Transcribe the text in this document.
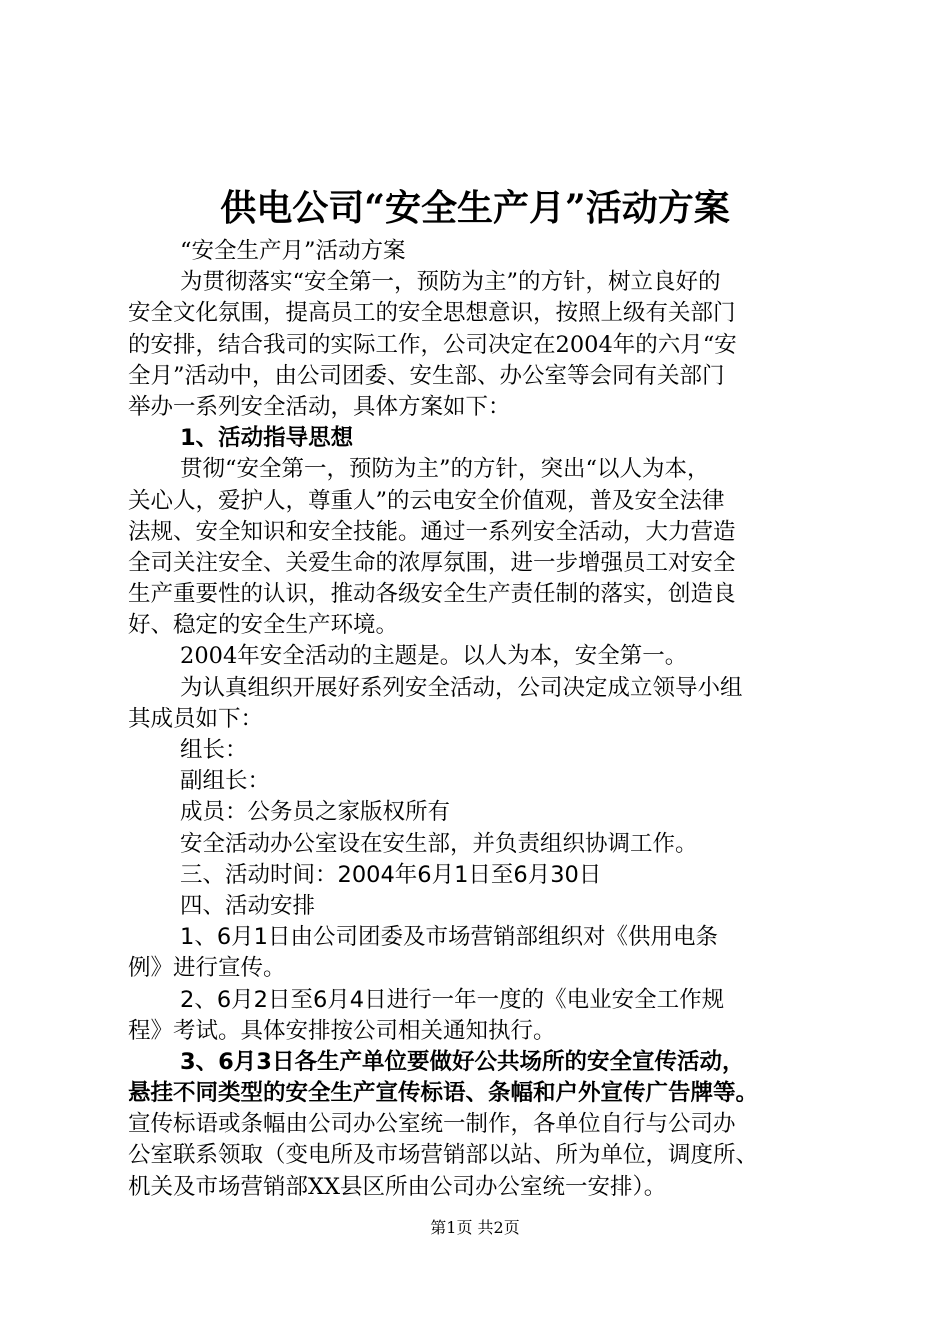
供电公司“安全生产月”活动方案
“安全生产月”活动方案
为贯彻落实“安全第一，预防为主”的方针，树立良好的
安全文化氛围，提高员工的安全思想意识，按照上级有关部门
的安排，结合我司的实际工作，公司决定在2004年的六月“安
全月”活动中，由公司团委、安生部、办公室等会同有关部门
举办一系列安全活动，具体方案如下：
1、活动指导思想
贯彻“安全第一，预防为主”的方针，突出“以人为本，
关心人，爱护人，尊重人”的云电安全价值观，普及安全法律
法规、安全知识和安全技能。通过一系列安全活动，大力营造
全司关注安全、关爱生命的浓厚氛围，进一步增强员工对安全
生产重要性的认识，推动各级安全生产责任制的落实，创造良
好、稳定的安全生产环境。
2004年安全活动的主题是。以人为本，安全第一。
为认真组织开展好系列安全活动，公司决定成立领导小组
其成员如下：
组长：
副组长：
成员：公务员之家版权所有
安全活动办公室设在安生部，并负责组织协调工作。
三、活动时间：2004年6月1日至6月30日
四、活动安排
1、6月1日由公司团委及市场营销部组织对《供用电条
例》进行宣传。
2、6月2日至6月4日进行一年一度的《电业安全工作规
程》考试。具体安排按公司相关通知执行。
3、6月3日各生产单位要做好公共场所的安全宣传活动，
悬挂不同类型的安全生产宣传标语、条幅和户外宣传广告牌等。
宣传标语或条幅由公司办公室统一制作，各单位自行与公司办
公室联系领取（变电所及市场营销部以站、所为单位，调度所、
机关及市场营销部XX县区所由公司办公室统一安排）。
第1页 共2页
